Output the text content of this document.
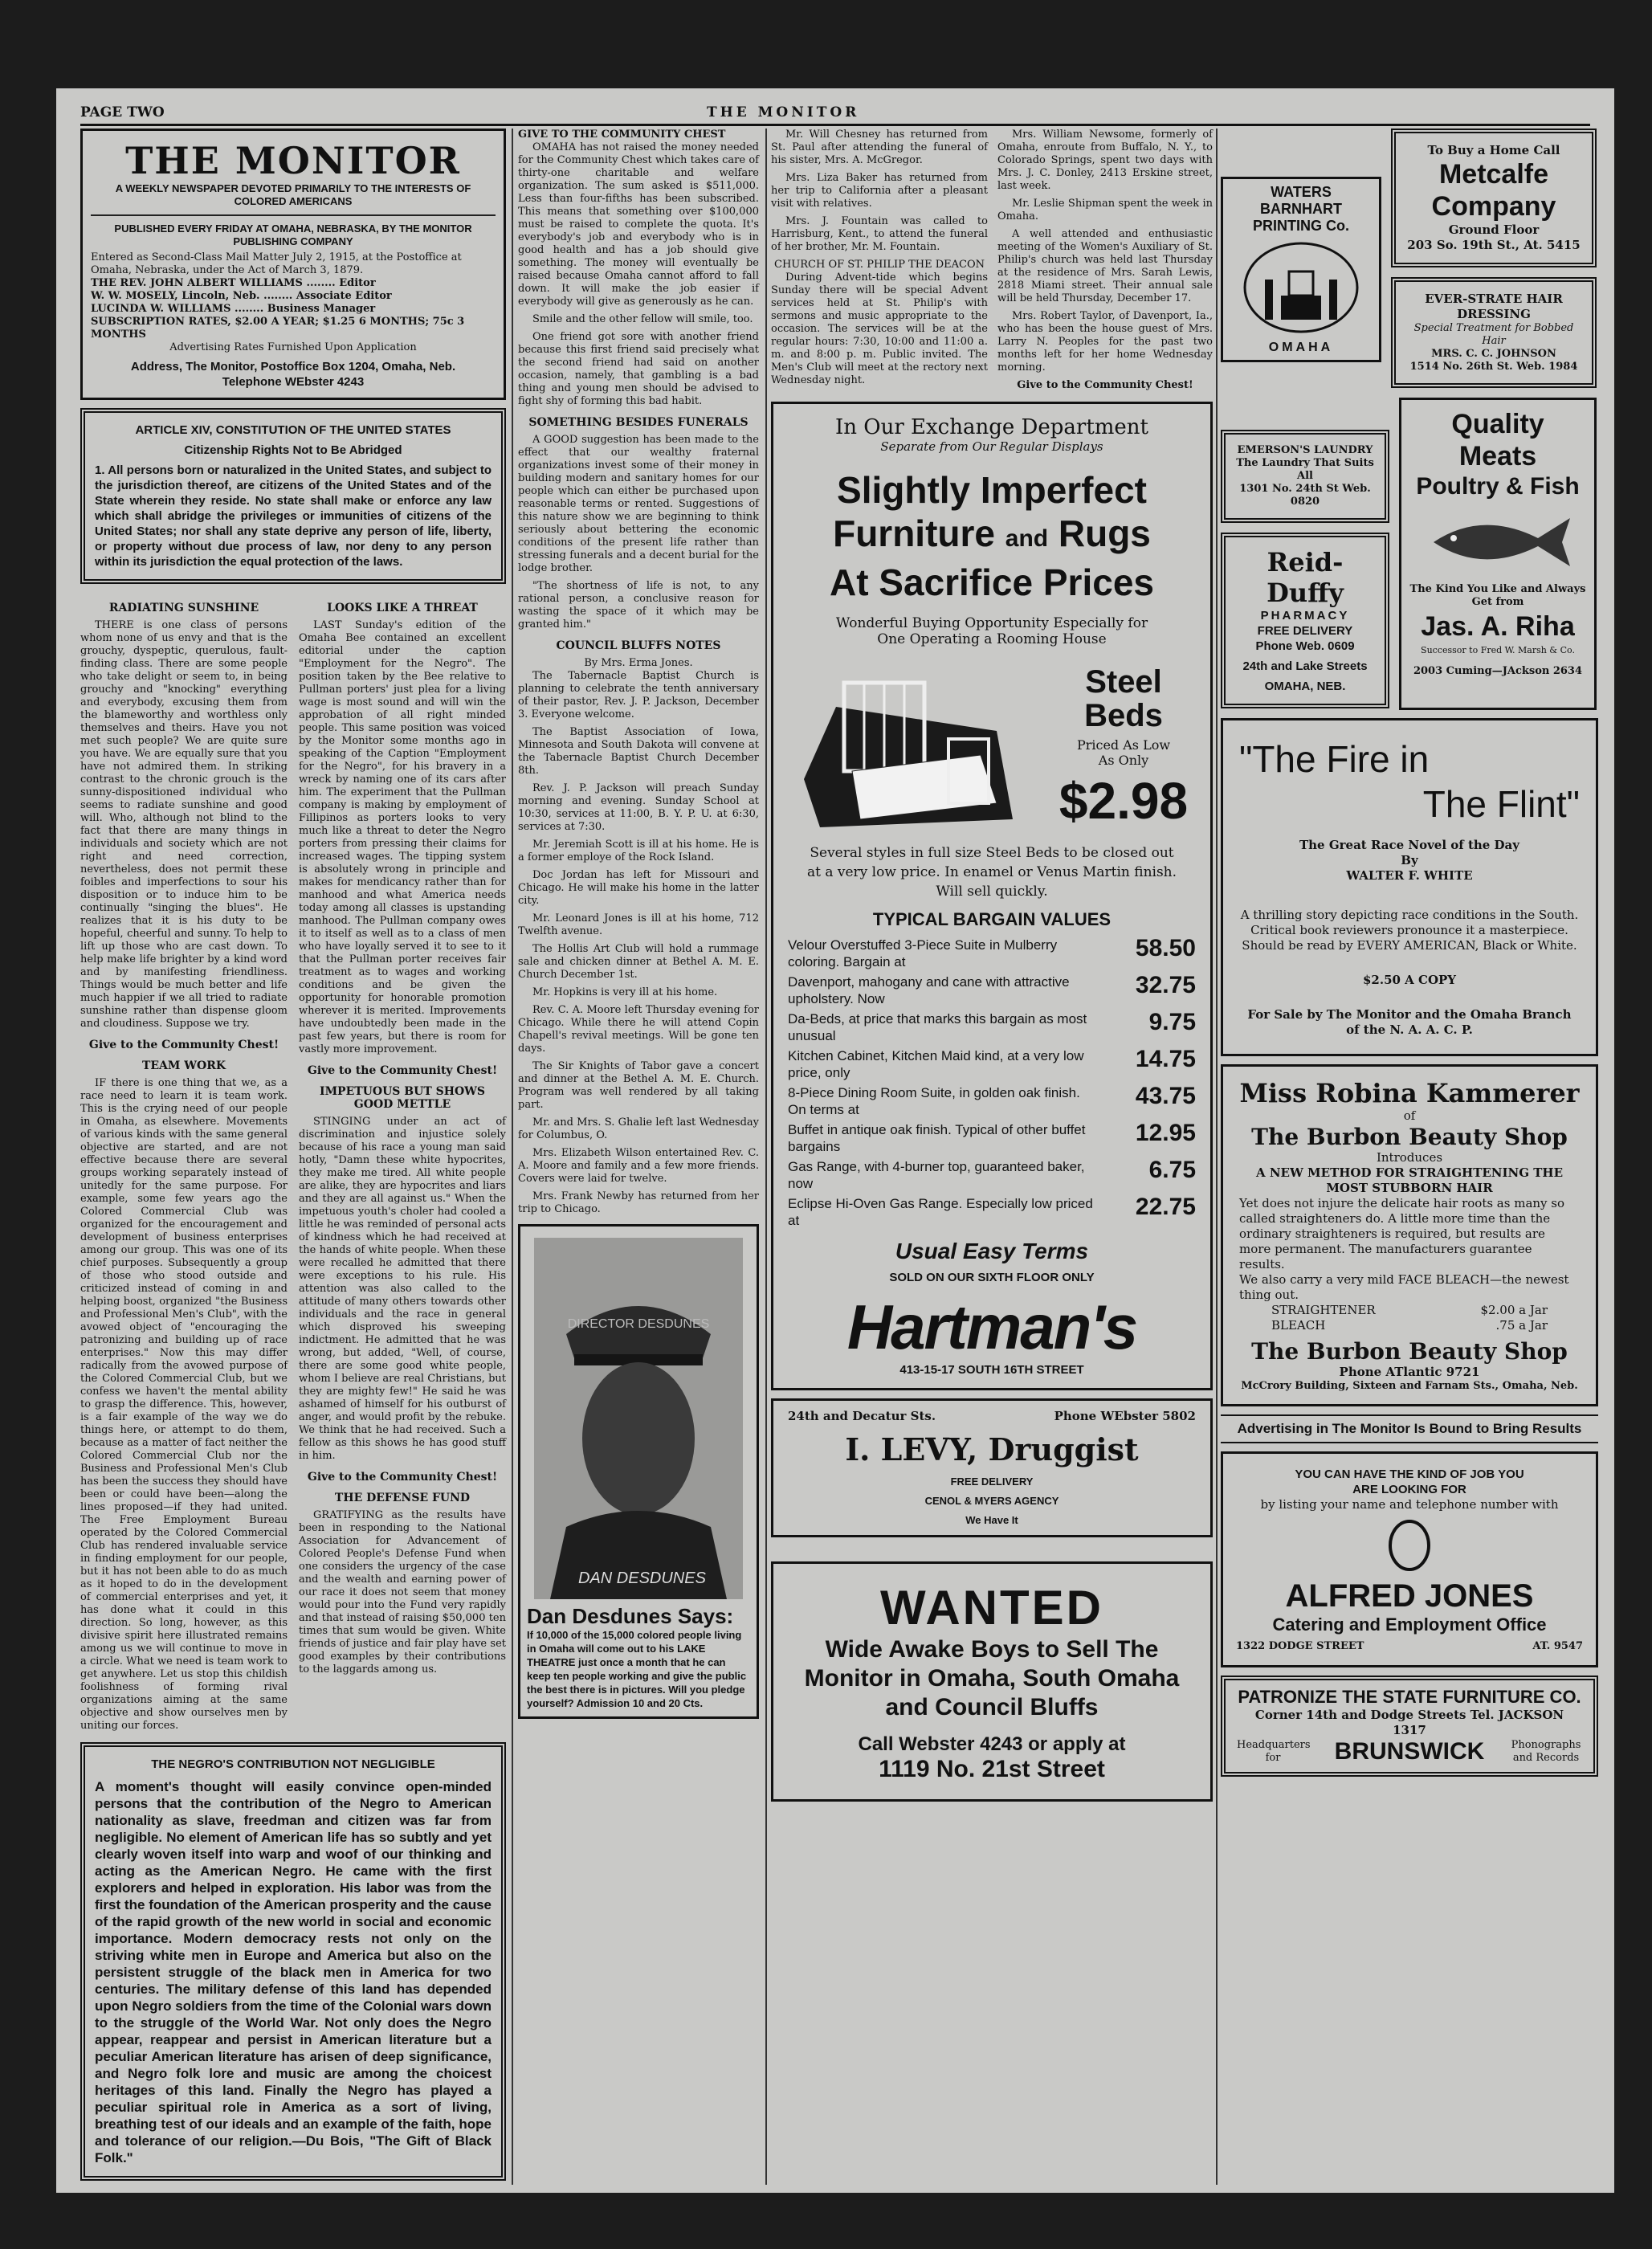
PAGE TWO	THE MONITOR
THE MONITOR
A WEEKLY NEWSPAPER DEVOTED PRIMARILY TO THE INTERESTS OF COLORED AMERICANS
PUBLISHED EVERY FRIDAY AT OMAHA, NEBRASKA, BY THE MONITOR PUBLISHING COMPANY
Entered as Second-Class Mail Matter July 2, 1915, at the Postoffice at Omaha, Nebraska, under the Act of March 3, 1879.
THE REV. JOHN ALBERT WILLIAMS ........ Editor
W. W. MOSELY, Lincoln, Neb. ........ Associate Editor
LUCINDA W. WILLIAMS ........ Business Manager
SUBSCRIPTION RATES, $2.00 A YEAR; $1.25 6 MONTHS; 75c 3 MONTHS
Advertising Rates Furnished Upon Application
Address, The Monitor, Postoffice Box 1204, Omaha, Neb.
Telephone WEbster 4243
ARTICLE XIV, CONSTITUTION OF THE UNITED STATES
Citizenship Rights Not to Be Abridged
1. All persons born or naturalized in the United States, and subject to the jurisdiction thereof, are citizens of the United States and of the State wherein they reside. No state shall make or enforce any law which shall abridge the privileges or immunities of citizens of the United States; nor shall any state deprive any person of life, liberty, or property without due process of law, nor deny to any person within its jurisdiction the equal protection of the laws.
RADIATING SUNSHINE

THERE is one class of persons whom none of us envy and that is the grouchy, dyspeptic, querulous, fault-finding class. There are some people who take delight or seem to, in being grouchy and "knocking" everything and everybody, excusing them from the blameworthy and worthless only themselves and theirs. Have you not met such people? We are quite sure you have. We are equally sure that you have not admired them. In striking contrast to the chronic grouch is the sunny-dispositioned individual who seems to radiate sunshine and good will. Who, although not blind to the fact that there are many things in individuals and society which are not right and need correction, nevertheless, does not permit these foibles and imperfections to sour his disposition or to induce him to be continually "singing the blues". He realizes that it is his duty to be hopeful, cheerful and sunny. To help to lift up those who are cast down. To help make life brighter by a kind word and by manifesting friendliness. Things would be much better and life much happier if we all tried to radiate sunshine rather than dispense gloom and cloudiness. Suppose we try.

Give to the Community Chest!
TEAM WORK

IF there is one thing that we, as a race need to learn it is team work. This is the crying need of our people in Omaha, as elsewhere. Movements of various kinds with the same general objective are started, and are not effective because there are several groups working separately instead of unitedly for the same purpose. For example, some few years ago the Colored Commercial Club was organized for the encouragement and development of business enterprises among our group. This was one of its chief purposes. Subsequently a group of those who stood outside and criticized instead of coming in and helping boost, organized "the Business and Professional Men's Club", with the avowed object of "encouraging the patronizing and building up of race enterprises." Now this may differ radically from the avowed purpose of the Colored Commercial Club, but we confess we haven't the mental ability to grasp the difference. This, however, is a fair example of the way we do things here, or attempt to do them, because as a matter of fact neither the Colored Commercial Club nor the Business and Professional Men's Club has been the success they should have been or could have been—along the lines proposed—if they had united. The Free Employment Bureau operated by the Colored Commercial Club has rendered invaluable service in finding employment for our people, but it has not been able to do as much as it hoped to do in the development of commercial enterprises and yet, it has done what it could in this direction. So long, however, as this divisive spirit here illustrated remains among us we will continue to move in a circle. What we need is team work to get anywhere. Let us stop this childish foolishness of forming rival organizations aiming at the same objective and show ourselves men by uniting our forces.

LOOKS LIKE A THREAT

LAST Sunday's edition of the Omaha Bee contained an excellent editorial under the caption "Employment for the Negro". The position taken by the Bee relative to Pullman porters' just plea for a living wage is most sound and will win the approbation of all right minded people. This same position was voiced by the Monitor some months ago in speaking of the Caption "Employment for the Negro", for his bravery in a wreck by naming one of its cars after him. The experiment that the Pullman company is making by employment of Fillipinos as porters looks to very much like a threat to deter the Negro porters from pressing their claims for increased wages. The tipping system is absolutely wrong in principle and makes for mendicancy rather than for manhood and what America needs today among all classes is upstanding manhood. The Pullman company owes it to itself as well as to a class of men who have loyally served it to see to it that the Pullman porter receives fair treatment as to wages and working conditions and be given the opportunity for honorable promotion wherever it is merited. Improvements have undoubtedly been made in the past few years, but there is room for vastly more improvement.

Give to the Community Chest!
IMPETUOUS BUT SHOWS GOOD METTLE

STINGING under an act of discrimination and injustice solely because of his race a young man said hotly, "Damn these white hypocrites, they make me tired. All white people are alike, they are hypocrites and liars and they are all against us." When the impetuous youth's choler had cooled a little he was reminded of personal acts of kindness which he had received at the hands of white people. When these were recalled he admitted that there were exceptions to his rule. His attention was also called to the attitude of many others towards other individuals and the race in general which disproved his sweeping indictment. He admitted that he was wrong, but added, "Well, of course, there are some good white people, whom I believe are real Christians, but they are mighty few!" He said he was ashamed of himself for his outburst of anger, and would profit by the rebuke. We think that he had received. Such a fellow as this shows he has good stuff in him.

Give to the Community Chest!
THE DEFENSE FUND

GRATIFYING as the results have been in responding to the National Association for Advancement of Colored People's Defense Fund when one considers the urgency of the case and the wealth and earning power of our race it does not seem that money would pour into the Fund very rapidly and that instead of raising $50,000 ten times that sum would be given. White friends of justice and fair play have set good examples by their contributions to the laggards among us.

THE NEGRO'S CONTRIBUTION NOT NEGLIGIBLE
A moment's thought will easily convince open-minded persons that the contribution of the Negro to American nationality as slave, freedman and citizen was far from negligible. No element of American life has so subtly and yet clearly woven itself into warp and woof of our thinking and acting as the American Negro. He came with the first explorers and helped in exploration. His labor was from the first the foundation of the American prosperity and the cause of the rapid growth of the new world in social and economic importance. Modern democracy rests not only on the striving white men in Europe and America but also on the persistent struggle of the black men in America for two centuries. The military defense of this land has depended upon Negro soldiers from the time of the Colonial wars down to the struggle of the World War. Not only does the Negro appear, reappear and persist in American literature but a peculiar American literature has arisen of deep significance, and Negro folk lore and music are among the choicest heritages of this land. Finally the Negro has played a peculiar spiritual role in America as a sort of living, breathing test of our ideals and an example of the faith, hope and tolerance of our religion.—Du Bois, "The Gift of Black Folk."
GIVE TO THE COMMUNITY CHEST

OMAHA has not raised the money needed for the Community Chest which takes care of thirty-one charitable and welfare organization. The sum asked is $511,000. Less than four-fifths has been subscribed. This means that something over $100,000 must be raised to complete the quota. It's everybody's job and everybody who is in good health and has a job should give something. The money will eventually be raised because Omaha cannot afford to fall down. It will make the job easier if everybody will give as generously as he can.

Smile and the other fellow will smile, too.

One friend got sore with another friend because this first friend said precisely what the second friend had said on another occasion, namely, that gambling is a bad thing and young men should be advised to fight shy of forming this bad habit.

SOMETHING BESIDES FUNERALS

A GOOD suggestion has been made to the effect that our wealthy fraternal organizations invest some of their money in building modern and sanitary homes for our people which can either be purchased upon reasonable terms or rented. Suggestions of this nature show we are beginning to think seriously about bettering the economic conditions of the present life rather than stressing funerals and a decent burial for the lodge brother.

"The shortness of life is not, to any rational person, a conclusive reason for wasting the space of it which may be granted him."

COUNCIL BLUFFS NOTES
By Mrs. Erma Jones.

The Tabernacle Baptist Church is planning to celebrate the tenth anniversary of their pastor, Rev. J. P. Jackson, December 3. Everyone welcome.

The Baptist Association of Iowa, Minnesota and South Dakota will convene at the Tabernacle Baptist Church December 8th.

Rev. J. P. Jackson will preach Sunday morning and evening. Sunday School at 10:30, services at 11:00, B. Y. P. U. at 6:30, services at 7:30.

Mr. Jeremiah Scott is ill at his home. He is a former employe of the Rock Island.

Doc Jordan has left for Missouri and Chicago. He will make his home in the latter city.

Mr. Leonard Jones is ill at his home, 712 Twelfth avenue.

The Hollis Art Club will hold a rummage sale and chicken dinner at Bethel A. M. E. Church December 1st.

Mr. Hopkins is very ill at his home.

Rev. C. A. Moore left Thursday evening for Chicago. While there he will attend Copin Chapell's revival meetings. Will be gone ten days.

The Sir Knights of Tabor gave a concert and dinner at the Bethel A. M. E. Church. Program was well rendered by all taking part.

Mr. and Mrs. S. Ghalie left last Wednesday for Columbus, O.

Mrs. Elizabeth Wilson entertained Rev. C. A. Moore and family and a few more friends. Covers were laid for twelve.

Mrs. Frank Newby has returned from her trip to Chicago.

DIRECTOR DESDUNES
DAN DESDUNES
Dan Desdunes Says:
If 10,000 of the 15,000 colored people living in Omaha will come out to his LAKE THEATRE just once a month that he can keep ten people working and give the public the best there is in pictures. Will you pledge yourself? Admission 10 and 20 Cts.

Mr. Will Chesney has returned from St. Paul after attending the funeral of his sister, Mrs. A. McGregor.

Mrs. Liza Baker has returned from her trip to California after a pleasant visit with relatives.

Mrs. J. Fountain was called to Harrisburg, Kent., to attend the funeral of her brother, Mr. M. Fountain.

CHURCH OF ST. PHILIP THE DEACON

During Advent-tide which begins Sunday there will be special Advent services held at St. Philip's with sermons and music appropriate to the occasion. The services will be at the regular hours: 7:30, 10:00 and 11:00 a. m. and 8:00 p. m. Public invited. The Men's Club will meet at the rectory next Wednesday night.

Mrs. William Newsome, formerly of Omaha, enroute from Buffalo, N. Y., to Colorado Springs, spent two days with Mrs. J. C. Donley, 2413 Erskine street, last week.

Mr. Leslie Shipman spent the week in Omaha.

A well attended and enthusiastic meeting of the Women's Auxiliary of St. Philip's church was held last Thursday at the residence of Mrs. Sarah Lewis, 2818 Miami street. Their annual sale will be held Thursday, December 17.

Mrs. Robert Taylor, of Davenport, Ia., who has been the house guest of Mrs. Larry N. Peoples for the past two months left for her home Wednesday morning.

Give to the Community Chest!
In Our Exchange Department
Separate from Our Regular Displays
Slightly Imperfect
Furniture and Rugs
At Sacrifice Prices
Wonderful Buying Opportunity Especially for One Operating a Rooming House
Steel Beds
Priced As Low As Only
$2.98
Several styles in full size Steel Beds to be closed out at a very low price. In enamel or Venus Martin finish. Will sell quickly.
TYPICAL BARGAIN VALUES
Velour Overstuffed 3-Piece Suite in Mulberry coloring. Bargain at
58.50
Davenport, mahogany and cane with attractive upholstery. Now
32.75
Da-Beds, at price that marks this bargain as most unusual
9.75
Kitchen Cabinet, Kitchen Maid kind, at a very low price, only
14.75
8-Piece Dining Room Suite, in golden oak finish. On terms at
43.75
Buffet in antique oak finish. Typical of other buffet bargains
12.95
Gas Range, with 4-burner top, guaranteed baker, now
6.75
Eclipse Hi-Oven Gas Range. Especially low priced at
22.75
Usual Easy Terms
SOLD ON OUR SIXTH FLOOR ONLY
Hartman's
413-15-17 SOUTH 16TH STREET
24th and Decatur Sts.	Phone WEbster 5802
I. LEVY, Druggist
FREE DELIVERY
CENOL & MYERS AGENCY
We Have It
WANTED
Wide Awake Boys to Sell The Monitor in Omaha, South Omaha and Council Bluffs
Call Webster 4243 or apply at
1119 No. 21st Street
WATERS
BARNHART
PRINTING Co.
OMAHA
To Buy a Home Call
Metcalfe
Company
Ground Floor
203 So. 19th St., At. 5415
EVER-STRATE HAIR DRESSING
Special Treatment for Bobbed Hair
MRS. C. C. JOHNSON
1514 No. 26th St. Web. 1984
EMERSON'S LAUNDRY
The Laundry That Suits All
1301 No. 24th St Web. 0820
Reid-Duffy
PHARMACY
FREE DELIVERY
Phone Web. 0609
24th and Lake Streets
OMAHA, NEB.
Quality Meats
Poultry & Fish
The Kind You Like and Always Get from
Jas. A. Riha
Successor to Fred W. Marsh & Co.
2003 Cuming—JAckson 2634
"The Fire in
The Flint"
The Great Race Novel of the Day
By
WALTER F. WHITE
A thrilling story depicting race conditions in the South.
Critical book reviewers pronounce it a masterpiece.
Should be read by EVERY AMERICAN, Black or White.
$2.50 A COPY
For Sale by The Monitor and the Omaha Branch of the N. A. A. C. P.
Miss Robina Kammerer
of
The Burbon Beauty Shop
Introduces
A NEW METHOD FOR STRAIGHTENING THE MOST STUBBORN HAIR
Yet does not injure the delicate hair roots as many so called straighteners do. A little more time than the ordinary straighteners is required, but results are more permanent. The manufacturers guarantee results.
We also carry a very mild FACE BLEACH—the newest thing out.
STRAIGHTENER	$2.00 a Jar
BLEACH	.75 a Jar
The Burbon Beauty Shop
Phone ATlantic 9721
McCrory Building, Sixteen and Farnam Sts., Omaha, Neb.
Advertising in The Monitor Is Bound to Bring Results
YOU CAN HAVE THE KIND OF JOB YOU ARE LOOKING FOR
by listing your name and telephone number with
ALFRED JONES
Catering and Employment Office
1322 DODGE STREET	AT. 9547
PATRONIZE THE STATE FURNITURE CO.
Corner 14th and Dodge Streets Tel. JACKSON 1317
Headquarters for	BRUNSWICK	Phonographs and Records
